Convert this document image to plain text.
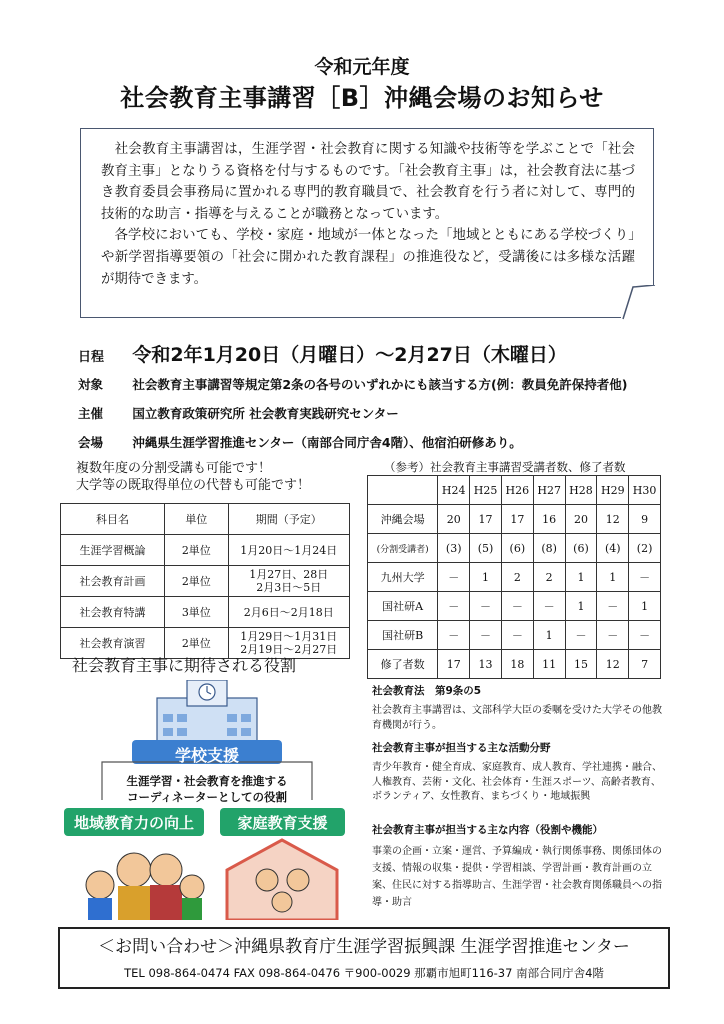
令和元年度
社会教育主事講習［B］沖縄会場のお知らせ

　社会教育主事講習は，生涯学習・社会教育に関する知識や技術等を学ぶことで「社会教育主事」となりうる資格を付与するものです。「社会教育主事」は，社会教育法に基づき教育委員会事務局に置かれる専門的教育職員で、社会教育を行う者に対して、専門的技術的な助言・指導を与えることが職務となっています。

　各学校においても、学校・家庭・地域が一体となった「地域とともにある学校づくり」や新学習指導要領の「社会に開かれた教育課程」の推進役など，受講後には多様な活躍が期待できます。

日程 令和2年1月20日（月曜日）～2月27日（木曜日）
対象 社会教育主事講習等規定第2条の各号のいずれかにも該当する方(例：教員免許保持者他)
主催 国立教育政策研究所 社会教育実践研究センター
会場 沖縄県生涯学習推進センター（南部合同庁舎4階）、他宿泊研修あり。
複数年度の分割受講も可能です！
大学等の既取得単位の代替も可能です！
科目名	単位	期間（予定）
生涯学習概論	2単位	1月20日～1月24日
社会教育計画	2単位	1月27日、28日
2月3日～5日
社会教育特講	3単位	2月6日～2月18日
社会教育演習	2単位	1月29日～1月31日
2月19日～2月27日
（参考）社会教育主事講習受講者数、修了者数
	H24	H25	H26	H27	H28	H29	H30
沖縄会場	20	17	17	16	20	12	9
(分割受講者)	(3)	(5)	(6)	(8)	(6)	(4)	(2)
九州大学	－	1	2	2	1	1	－
国社研A	－	－	－	－	1	－	1
国社研B	－	－	－	1	－	－	－
修了者数	17	13	18	11	15	12	7
社会教育主事に期待される役割
学校支援
生涯学習・社会教育を推進する
コーディネーターとしての役割
地域教育力の向上	家庭教育支援
社会教育法　第9条の5

社会教育主事講習は、文部科学大臣の委嘱を受けた大学その他教育機関が行う。

社会教育主事が担当する主な活動分野

青少年教育・健全育成、家庭教育、成人教育、学社連携・融合、人権教育、芸術・文化、社会体育・生涯スポーツ、高齢者教育、ボランティア、女性教育、まちづくり・地域振興

社会教育主事が担当する主な内容（役割や機能）

事業の企画・立案・運営、予算編成・執行関係事務、関係団体の支援、情報の収集・提供・学習相談、学習計画・教育計画の立案、住民に対する指導助言、生涯学習・社会教育関係職員への指導・助言

＜お問い合わせ＞沖縄県教育庁生涯学習振興課 生涯学習推進センター
TEL 098-864-0474 FAX 098-864-0476 〒900-0029 那覇市旭町116-37 南部合同庁舎4階
